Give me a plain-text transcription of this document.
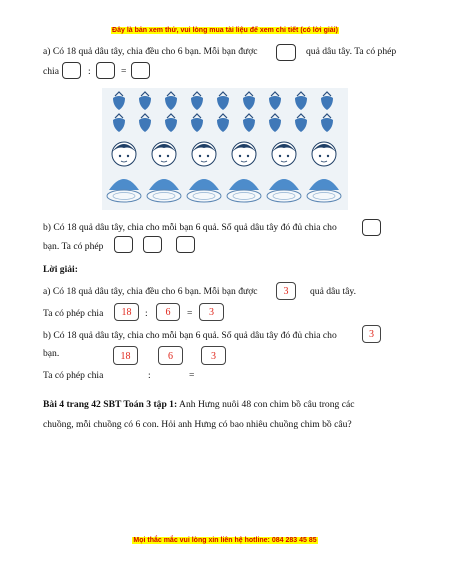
Đây là bản xem thử, vui lòng mua tài liệu để xem chi tiết (có lời giải)
a) Có 18 quả dâu tây, chia đều cho 6 bạn. Mỗi bạn được	quả dâu tây. Ta có phép
chia	:	=
b) Có 18 quả dâu tây, chia cho mỗi bạn 6 quả. Số quả dâu tây đó đủ chia cho
bạn. Ta có phép
Lời giải:
a) Có 18 quả dâu tây, chia đều cho 6 bạn. Mỗi bạn được	3	quả dâu tây.
Ta có phép chia	18	:	6	=	3
b) Có 18 quả dâu tây, chia cho mỗi bạn 6 quả. Số quả dâu tây đó đủ chia cho	3
bạn.	18	6	3
Ta có phép chia	:	=
Bài 4 trang 42 SBT Toán 3 tập 1: Anh Hưng nuôi 48 con chim bồ câu trong các
chuồng, mỗi chuồng có 6 con. Hỏi anh Hưng có bao nhiêu chuồng chim bồ câu?
Mọi thắc mắc vui lòng xin liên hệ hotline: 084 283 45 85
